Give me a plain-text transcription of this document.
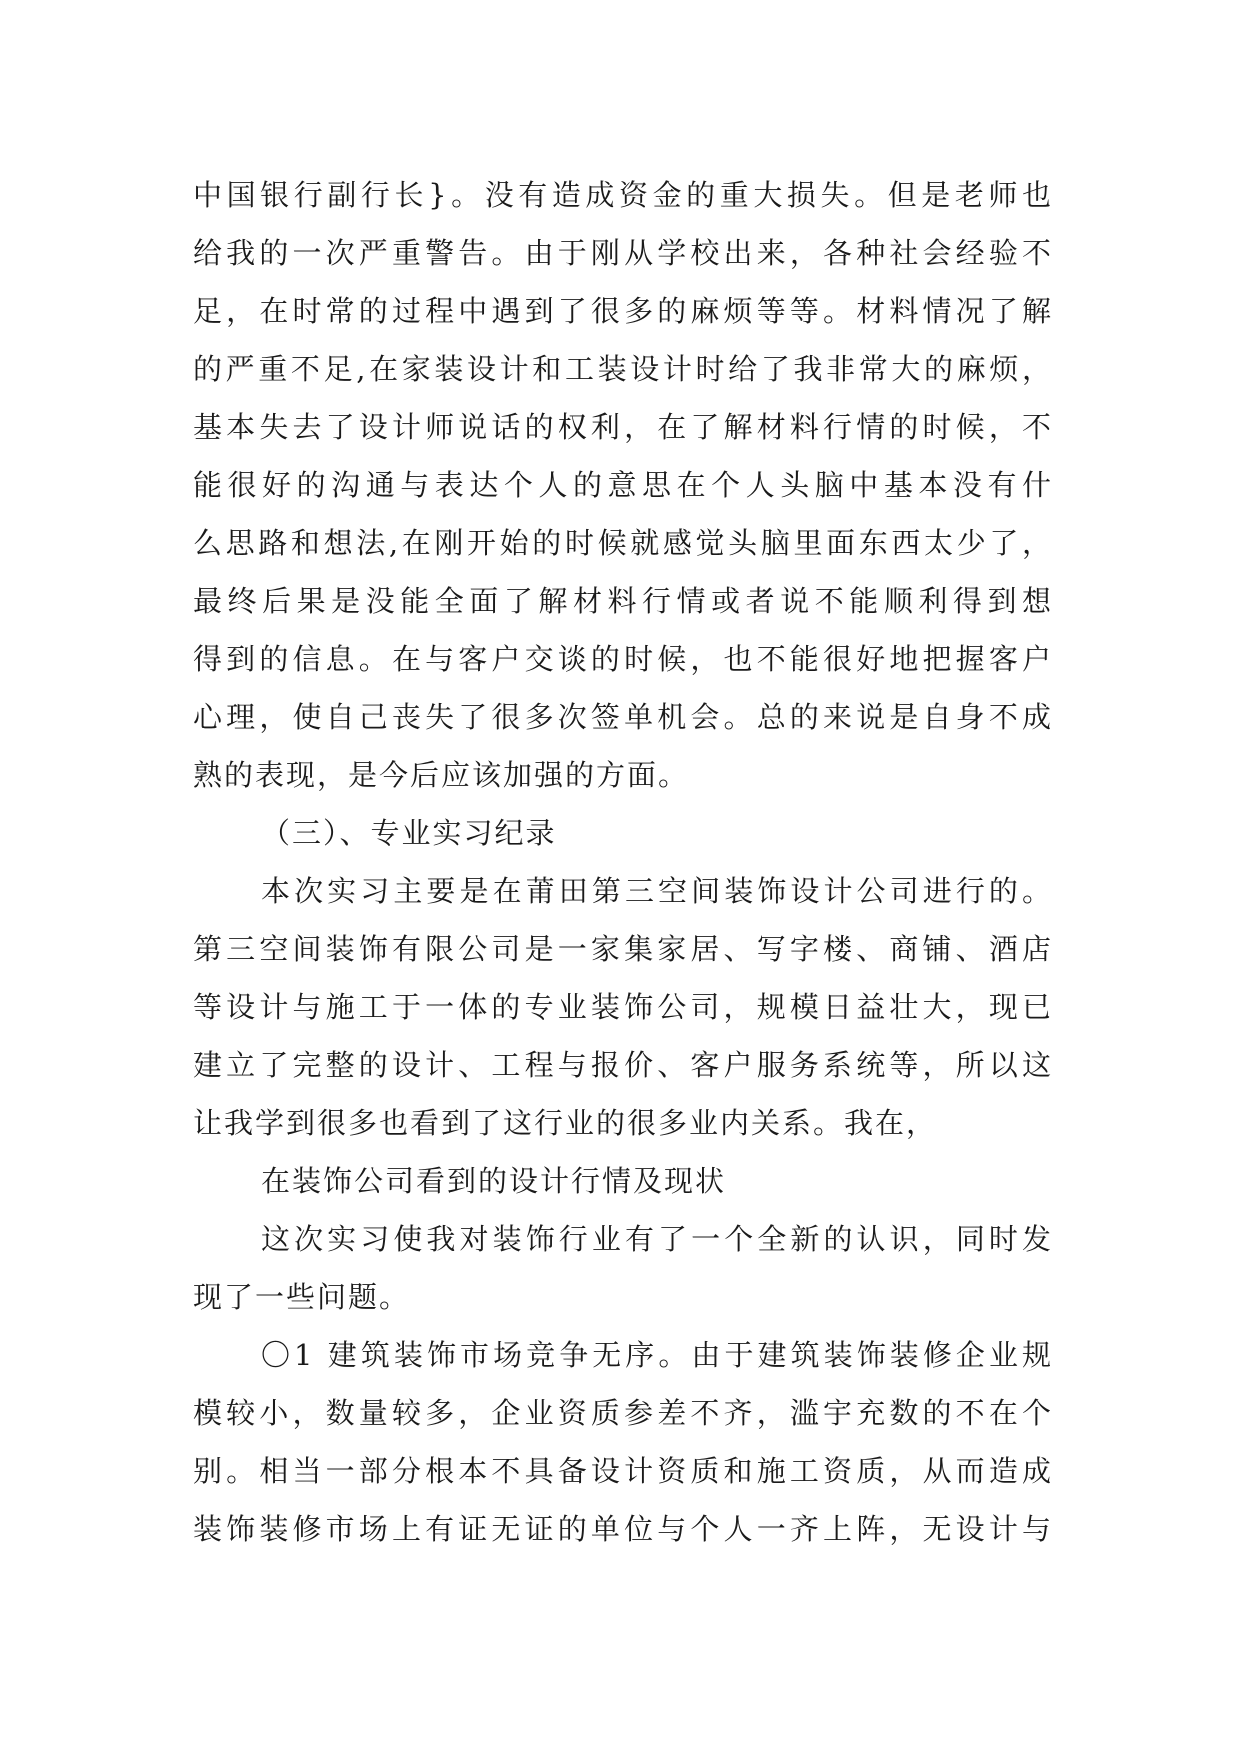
中国银行副行长}。没有造成资金的重大损失。但是老师也
给我的一次严重警告。由于刚从学校出来，各种社会经验不
足，在时常的过程中遇到了很多的麻烦等等。材料情况了解
的严重不足,在家装设计和工装设计时给了我非常大的麻烦，
基本失去了设计师说话的权利，在了解材料行情的时候，不
能很好的沟通与表达个人的意思在个人头脑中基本没有什
么思路和想法,在刚开始的时候就感觉头脑里面东西太少了，
最终后果是没能全面了解材料行情或者说不能顺利得到想
得到的信息。在与客户交谈的时候，也不能很好地把握客户
心理，使自己丧失了很多次签单机会。总的来说是自身不成
熟的表现，是今后应该加强的方面。
（三）、专业实习纪录
本次实习主要是在莆田第三空间装饰设计公司进行的。
第三空间装饰有限公司是一家集家居、写字楼、商铺、酒店
等设计与施工于一体的专业装饰公司，规模日益壮大，现已
建立了完整的设计、工程与报价、客户服务系统等，所以这
让我学到很多也看到了这行业的很多业内关系。我在，
在装饰公司看到的设计行情及现状
这次实习使我对装饰行业有了一个全新的认识，同时发
现了一些问题。
〇1 建筑装饰市场竞争无序。由于建筑装饰装修企业规
模较小，数量较多，企业资质参差不齐，滥宇充数的不在个
别。相当一部分根本不具备设计资质和施工资质，从而造成
装饰装修市场上有证无证的单位与个人一齐上阵，无设计与
